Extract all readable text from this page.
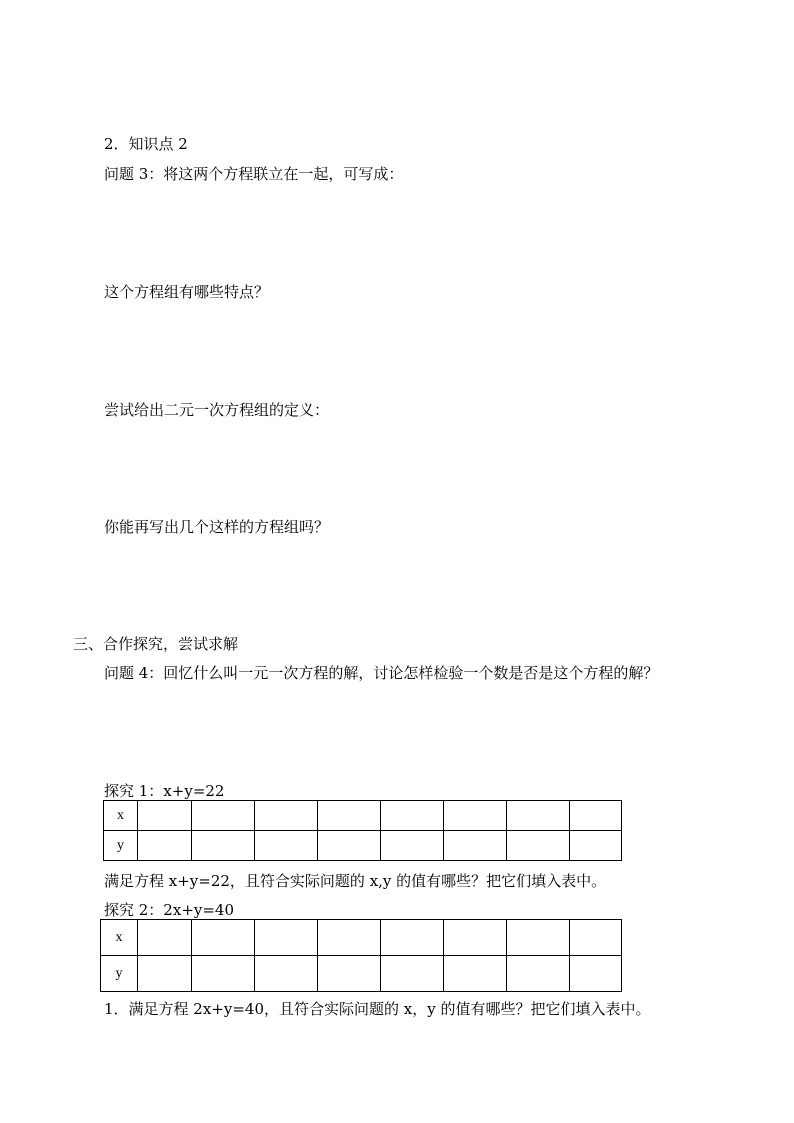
2．知识点 2
问题 3：将这两个方程联立在一起，可写成：
这个方程组有哪些特点？
尝试给出二元一次方程组的定义：
你能再写出几个这样的方程组吗？
三、合作探究，尝试求解
问题 4：回忆什么叫一元一次方程的解，讨论怎样检验一个数是否是这个方程的解？
探究 1：x+y=22
x								
y								
满足方程 x+y=22，且符合实际问题的 x,y 的值有哪些？把它们填入表中。
探究 2：2x+y=40
x								
y								
1．满足方程 2x+y=40，且符合实际问题的 x，y 的值有哪些？把它们填入表中。
